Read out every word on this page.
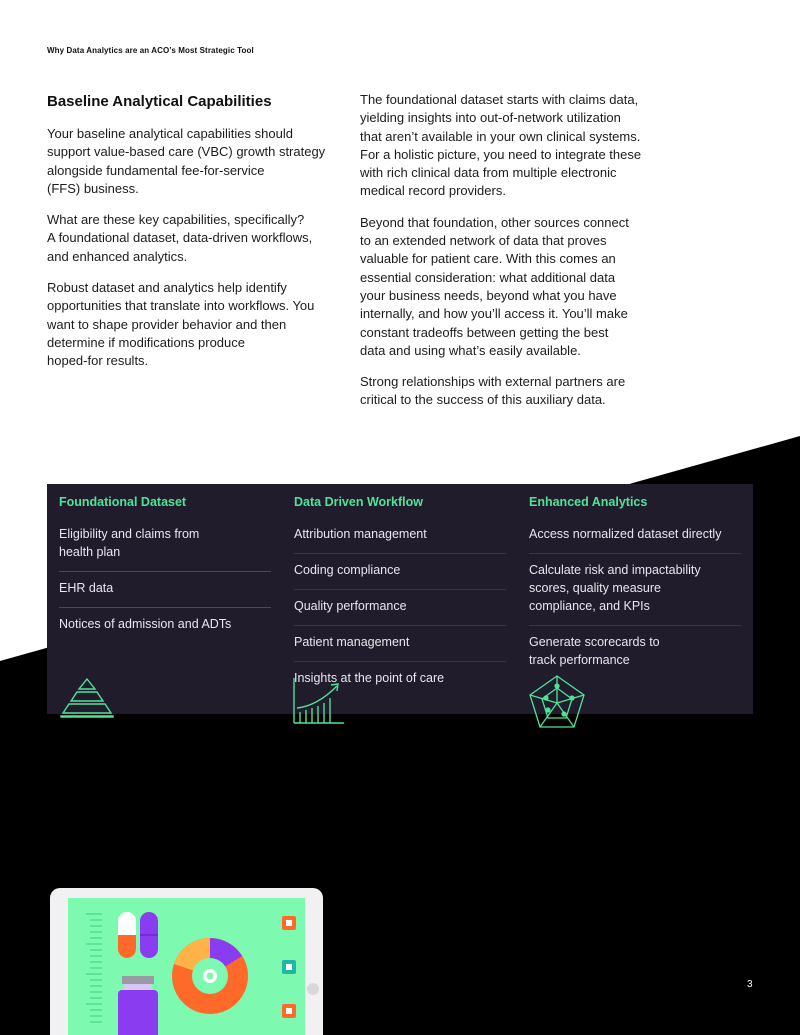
Why Data Analytics are an ACO’s Most Strategic Tool
Baseline Analytical Capabilities

Your baseline analytical capabilities should
support value-based care (VBC) growth strategy
alongside fundamental fee-for-service
(FFS) business.

What are these key capabilities, specifically?
A foundational dataset, data-driven workflows,
and enhanced analytics.

Robust dataset and analytics help identify
opportunities that translate into workflows. You
want to shape provider behavior and then
determine if modifications produce
hoped-for results.

The foundational dataset starts with claims data,
yielding insights into out-of-network utilization
that aren’t available in your own clinical systems.
For a holistic picture, you need to integrate these
with rich clinical data from multiple electronic
medical record providers.

Beyond that foundation, other sources connect
to an extended network of data that proves
valuable for patient care. With this comes an
essential consideration: what additional data
your business needs, beyond what you have
internally, and how you’ll access it. You’ll make
constant tradeoffs between getting the best
data and using what’s easily available.

Strong relationships with external partners are
critical to the success of this auxiliary data.

Foundational Dataset
Eligibility and claims from
health plan
EHR data
Notices of admission and ADTs
Data Driven Workflow
Attribution management
Coding compliance
Quality performance
Patient management
Insights at the point of care
Enhanced Analytics
Access normalized dataset directly
Calculate risk and impactability
scores, quality measure
compliance, and KPIs
Generate scorecards to
track performance
3
